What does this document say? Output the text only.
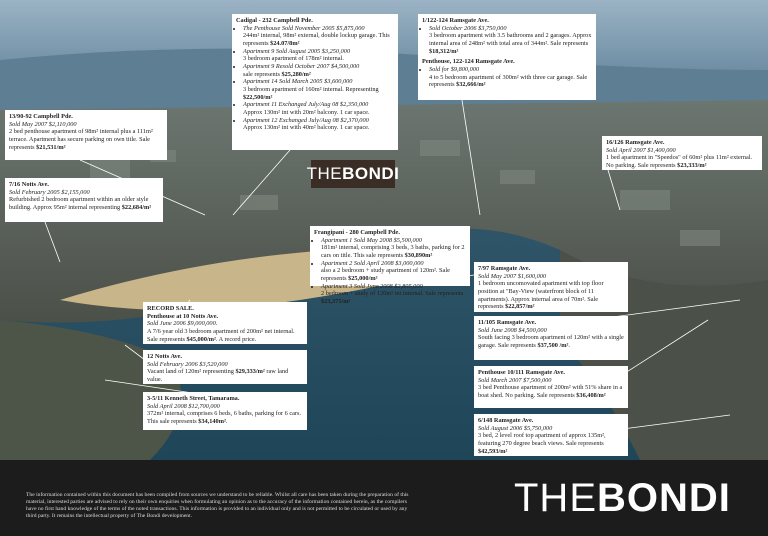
Cadigal - 232 Campbell Pde.
• The Penthouse Sold November 2005 $5,875,000
244m² internal, 98m² external, double lockup garage. This represents $24.07/8m²
• Apartment 9 Sold August 2005 $3,250,000
3 bedroom apartment of 178m² internal.
• Apartment 9 Resold October 2007 $4,500,000
sale represents $25,280/m²
• Apartment 14 Sold March 2005 $3,600,000
3 bedroom apartment of 160m² internal. Representing $22,500/m²
• Apartment 11 Exchanged July/Aug 08 $2,350,000
Approx 130m² int with 20m² balcony. 1 car space.
• Apartment 12 Exchanged July/Aug 08 $2,370,000
Approx 130m² int with 40m² balcony. 1 car space.
1/122-124 Ramsgate Ave.
• Sold October 2006 $3,750,000
3 bedroom apartment with 3.5 bathrooms and 2 garages. Approx internal area of 248m² with total area of 344m². Sale represents $18,312/m²
Penthouse, 122-124 Ramsgate Ave.
• Sold for $9,800,000
4 to 5 bedroom apartment of 300m² with three car garage. Sale represents $32,666/m²
13/90-92 Campbell Pde.
Sold May 2007 $2,110,000
2 bed penthouse apartment of 98m² internal plus a 111m² terrace. Apartment has secure parking on own title. Sale represents $21,531/m²
16/126 Ramsgate Ave.
Sold April 2007 $1,400,000
1 bed apartment in "Speedos" of 60m² plus 11m² external. No parking. Sale represents $23,333/m²
THE BONDI
7/16 Notts Ave.
Sold February 2005 $2,155,000
Refurbished 2 bedroom apartment within an older style building. Approx 95m² internal representing $22,684/m²
Frangipani - 280 Campbell Pde.
• Apartment 1 Sold May 2008 $5,500,000
181m² internal, comprising 3 beds, 3 baths, parking for 2 cars on title. This sale represents $30,890m²
• Apartment 2 Sold April 2008 $3,000,000
also a 2 bedroom + study apartment of 120m². Sale represents $25,000/m²
• Apartment 3 Sold June 2008 $2,805,000
2 bedroom + study of 120m² int internal. Sale represents $23,375/m²
7/97 Ramsgate Ave.
Sold May 2007 $1,600,000
1 bedroom uncomovated apartment with top floor position at "Bay-View (waterfront block of 11 apartments). Approx internal area of 70m². Sale represents $22,857/m²
RECORD SALE.
Penthouse at 10 Notts Ave.
Sold June 2006 $9,000,000.
A 7/6 year old 3 bedroom apartment of 200m² net internal. Sale represents $45,000/m². A record price.
11/105 Ramsgate Ave.
Sold June 2008 $4,500,000
South facing 3 bedroom apartment of 120m² with a single garage. Sale represents $37,500 /m².
12 Notts Ave.
Sold February 2006 $3,520,000
Vacant land of 120m² representing $29,333/m² raw land value.
Penthouse 10/111 Ramsgate Ave.
Sold March 2007 $7,500,000
3 bed Penthouse apartment of 200m² with 51% share in a boat shed. No parking. Sale represents $36,408/m²
3-5/11 Kenneth Street, Tamarama.
Sold April 2008 $12,700,000
372m² internal, comprises 6 beds, 6 baths, parking for 6 cars. This sale represents $34,140m².	6/148 Ramsgate Ave.
Sold August 2006 $5,750,000
3 bed, 2 level roof top apartment of approx 135m², featuring 270 degree beach views. Sale represents $42,593/m²
The information contained within this document has been compiled from sources we understand to be reliable. Whilst all care has been taken during the preparation of this material, interested parties are advised to rely on their own enquiries when formulating an opinion as to the accuracy of the information contained herein, as the compilers have no first hand knowledge of the terms of the noted transactions. This information is provided to an individual only and is not permitted to be circulated or used by any third party. It remains the intellectual property of The Bondi development.	THEBONDI
